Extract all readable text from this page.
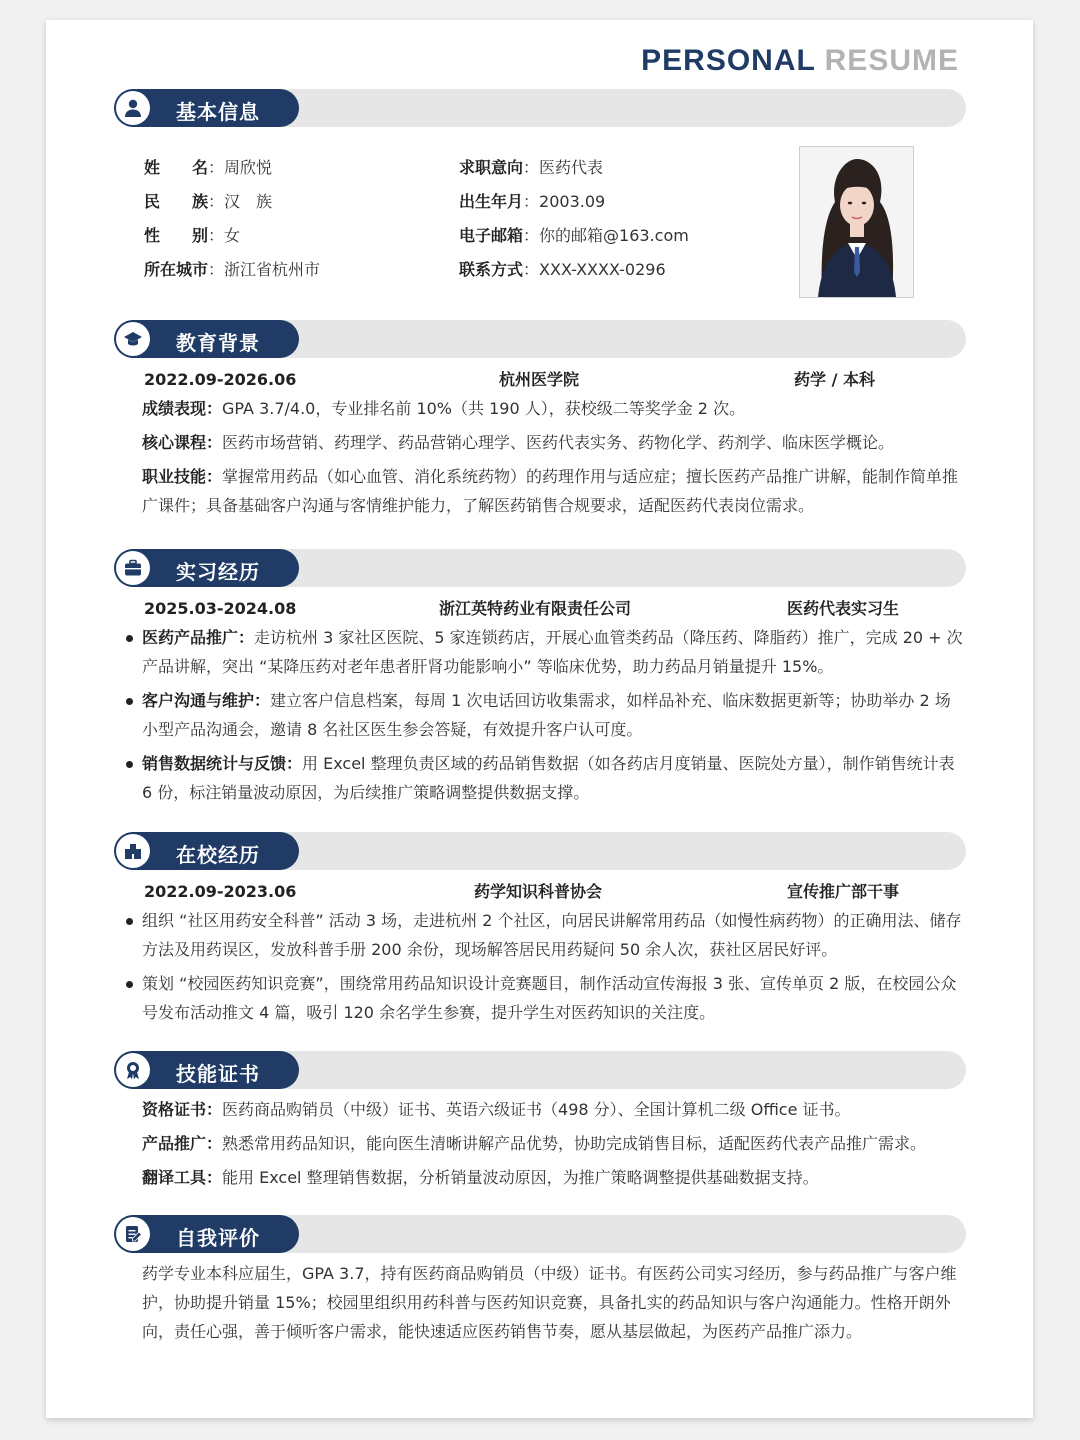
PERSONAL RESUME
基本信息
姓　　名：周欣悦
民　　族：汉　族
性　　别：女
所在城市：浙江省杭州市
求职意向：医药代表
出生年月：2003.09
电子邮箱：你的邮箱@163.com
联系方式：XXX-XXXX-0296
教育背景
2022.09-2026.06	杭州医学院	药学 / 本科

成绩表现：GPA 3.7/4.0，专业排名前 10%（共 190 人），获校级二等奖学金 2 次。

核心课程：医药市场营销、药理学、药品营销心理学、医药代表实务、药物化学、药剂学、临床医学概论。

职业技能：掌握常用药品（如心血管、消化系统药物）的药理作用与适应症；擅长医药产品推广讲解，能制作简单推广课件；具备基础客户沟通与客情维护能力，了解医药销售合规要求，适配医药代表岗位需求。

实习经历
2025.03-2024.08	浙江英特药业有限责任公司	医药代表实习生
医药产品推广：走访杭州 3 家社区医院、5 家连锁药店，开展心血管类药品（降压药、降脂药）推广，完成 20 + 次产品讲解，突出 “某降压药对老年患者肝肾功能影响小” 等临床优势，助力药品月销量提升 15%。
客户沟通与维护：建立客户信息档案，每周 1 次电话回访收集需求，如样品补充、临床数据更新等；协助举办 2 场小型产品沟通会，邀请 8 名社区医生参会答疑，有效提升客户认可度。
销售数据统计与反馈：用 Excel 整理负责区域的药品销售数据（如各药店月度销量、医院处方量），制作销售统计表 6 份，标注销量波动原因，为后续推广策略调整提供数据支撑。
在校经历
2022.09-2023.06	药学知识科普协会	宣传推广部干事
组织 “社区用药安全科普” 活动 3 场，走进杭州 2 个社区，向居民讲解常用药品（如慢性病药物）的正确用法、储存方法及用药误区，发放科普手册 200 余份，现场解答居民用药疑问 50 余人次，获社区居民好评。
策划 “校园医药知识竞赛”，围绕常用药品知识设计竞赛题目，制作活动宣传海报 3 张、宣传单页 2 版，在校园公众号发布活动推文 4 篇，吸引 120 余名学生参赛，提升学生对医药知识的关注度。
技能证书

资格证书：医药商品购销员（中级）证书、英语六级证书（498 分）、全国计算机二级 Office 证书。

产品推广：熟悉常用药品知识，能向医生清晰讲解产品优势，协助完成销售目标，适配医药代表产品推广需求。

翻译工具：能用 Excel 整理销售数据，分析销量波动原因，为推广策略调整提供基础数据支持。

自我评价

药学专业本科应届生，GPA 3.7，持有医药商品购销员（中级）证书。有医药公司实习经历，参与药品推广与客户维护，协助提升销量 15%；校园里组织用药科普与医药知识竞赛，具备扎实的药品知识与客户沟通能力。性格开朗外向，责任心强，善于倾听客户需求，能快速适应医药销售节奏，愿从基层做起，为医药产品推广添力。
